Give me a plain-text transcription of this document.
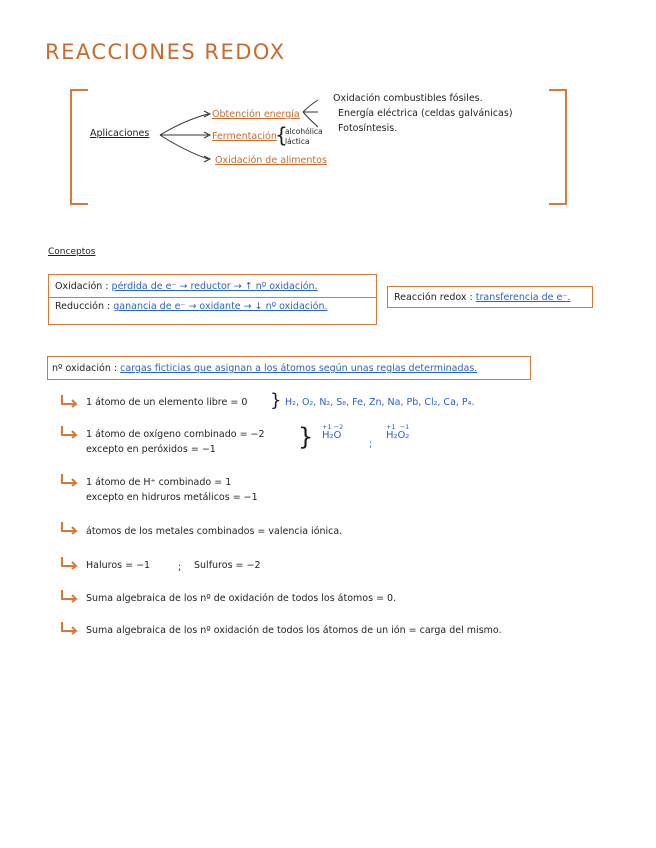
REACCIONES REDOX
Aplicaciones
Obtención energía
Oxidación combustibles fósiles.
Energía eléctrica (celdas galvánicas)
Fotosíntesis.
Fermentación
{
alcohólica
láctica
Oxidación de alimentos
Conceptos
Oxidación : pérdida de e⁻ → reductor → ↑ nº oxidación.
Reducción : ganancia de e⁻ → oxidante → ↓ nº oxidación.
Reacción redox : transferencia de e⁻.
nº oxidación : cargas ficticias que asignan a los átomos según unas reglas determinadas.
1 átomo de un elemento libre = 0 } H₂, O₂, N₂, S₈, Fe, Zn, Na, Pb, Cl₂, Ca, P₄.
1 átomo de oxígeno combinado = −2
excepto en peróxidos = −1	} +1 −2
H₂O
;
+1 −1
H₂O₂
1 átomo de H⁺ combinado = 1
excepto en hidruros metálicos = −1
átomos de los metales combinados = valencia iónica.
Haluros = −1	; Sulfuros = −2
Suma algebraica de los nº de oxidación de todos los átomos = 0.
Suma algebraica de los nº oxidación de todos los átomos de un ión = carga del mismo.
